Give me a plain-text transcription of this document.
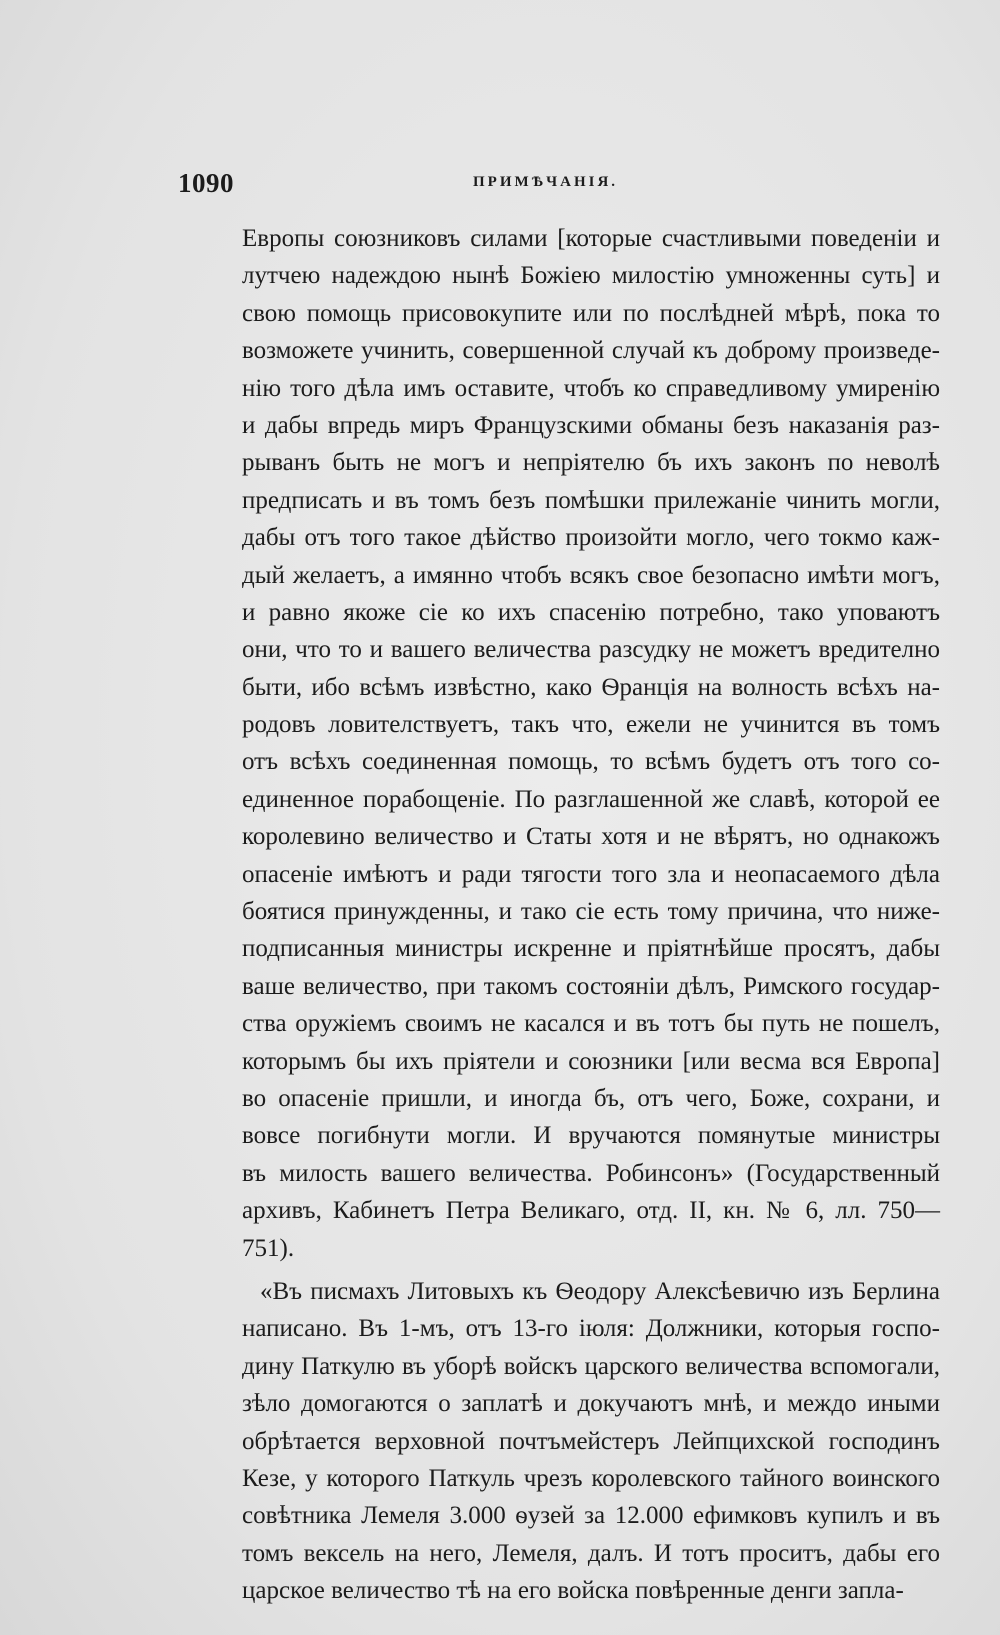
1090	ПРИМѢЧАНІЯ.
Европы союзниковъ силами [которые счастливыми поведеніи и
лутчею надеждою нынѣ Божіею милостію умноженны суть] и
свою помощь присовокупите или по послѣдней мѣрѣ, пока то
возможете учинить, совершенной случай къ доброму произведе-
нію того дѣла имъ оставите, чтобъ ко справедливому умиренію
и дабы впредь миръ Французскими обманы безъ наказанія раз-
рыванъ быть не могъ и непріятелю бъ ихъ законъ по неволѣ
предписать и въ томъ безъ помѣшки прилежаніе чинить могли,
дабы отъ того такое дѣйство произойти могло, чего токмо каж-
дый желаетъ, а имянно чтобъ всякъ свое безопасно имѣти могъ,
и равно якоже сіе ко ихъ спасенію потребно, тако уповаютъ
они, что то и вашего величества разсудку не можетъ вредително
быти, ибо всѣмъ извѣстно, како Ѳранція на волность всѣхъ на-
родовъ ловителствуетъ, такъ что, ежели не учинится въ томъ
отъ всѣхъ соединенная помощь, то всѣмъ будетъ отъ того со-
единенное порабощеніе. По разглашенной же славѣ, которой ее
королевино величество и Статы хотя и не вѣрятъ, но однакожъ
опасеніе имѣютъ и ради тягости того зла и неопасаемого дѣла
боятися принужденны, и тако сіе есть тому причина, что ниже-
подписанныя министры искренне и пріятнѣйше просятъ, дабы
ваше величество, при такомъ состояніи дѣлъ, Римского государ-
ства оружіемъ своимъ не касался и въ тотъ бы путь не пошелъ,
которымъ бы ихъ пріятели и союзники [или весма вся Европа]
во опасеніе пришли, и иногда бъ, отъ чего, Боже, сохрани, и
вовсе погибнути могли. И вручаются помянутые министры
въ милость вашего величества. Робинсонъ» (Государственный
архивъ, Кабинетъ Петра Великаго, отд. II, кн. № 6, лл. 750—
751).
«Въ писмахъ Литовыхъ къ Ѳеодору Алексѣевичю изъ Берлина
написано. Въ 1-мъ, отъ 13-го іюля: Должники, которыя госпо-
дину Паткулю въ уборѣ войскъ царского величества вспомогали,
зѣло домогаются о заплатѣ и докучаютъ мнѣ, и междо иными
обрѣтается верховной почтъмейстеръ Лейпцихской господинъ
Кезе, у которого Паткуль чрезъ королевского тайного воинского
совѣтника Лемеля 3.000 ѳузей за 12.000 ефимковъ купилъ и въ
томъ вексель на него, Лемеля, далъ. И тотъ проситъ, дабы его
царское величество тѣ на его войска повѣренные денги запла-
